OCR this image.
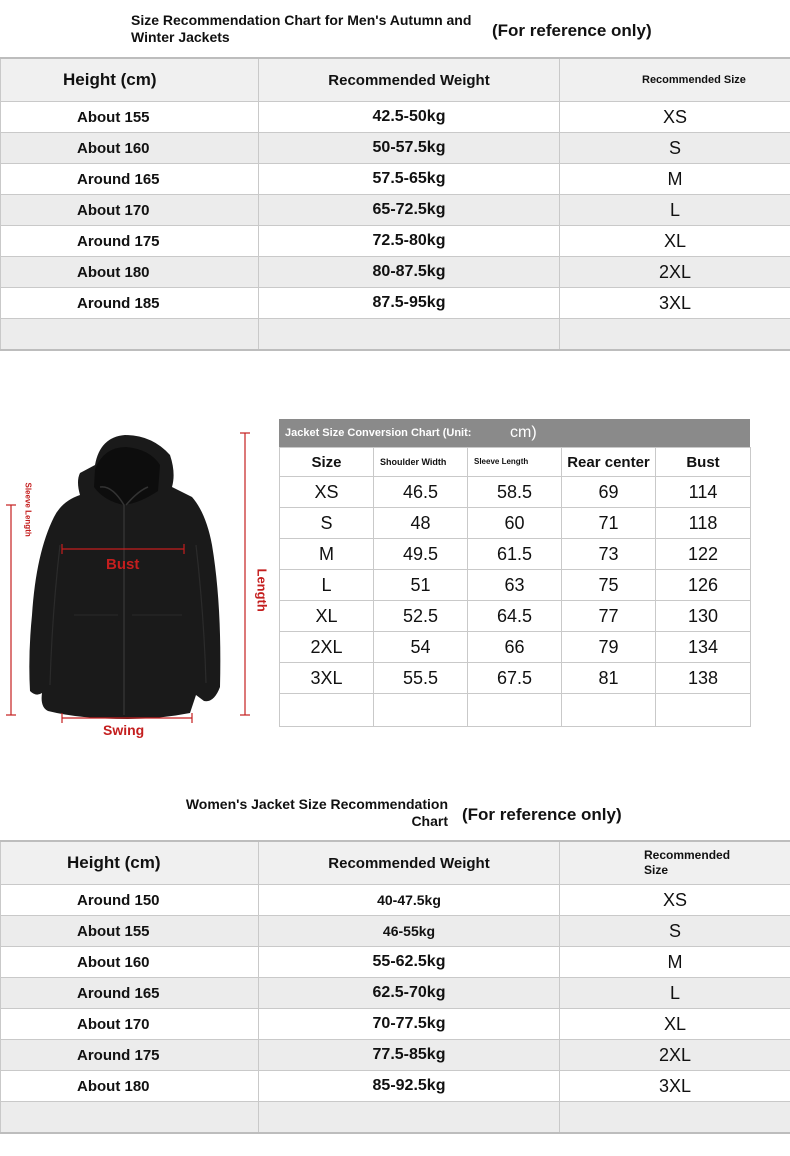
Size Recommendation Chart for Men's Autumn and
Winter Jackets	(For reference only)
Height (cm)	Recommended Weight	Recommended Size
About 155	42.5-50kg	XS
About 160	50-57.5kg	S
Around 165	57.5-65kg	M
About 170	65-72.5kg	L
Around 175	72.5-80kg	XL
About 180	80-87.5kg	2XL
Around 185	87.5-95kg	3XL

Sleeve Length
Bust
Length
Swing
Jacket Size Conversion Chart (Unit: cm)
Size	Shoulder Width	Sleeve Length	Rear center	Bust
XS	46.5	58.5	69	114
S	48	60	71	118
M	49.5	61.5	73	122
L	51	63	75	126
XL	52.5	64.5	77	130
2XL	54	66	79	134
3XL	55.5	67.5	81	138

Women's Jacket Size Recommendation
Chart (For reference only)
Height (cm)	Recommended Weight	Recommended
Size

Around 150	40-47.5kg	XS
About 155	46-55kg	S
About 160	55-62.5kg	M
Around 165	62.5-70kg	L
About 170	70-77.5kg	XL
Around 175	77.5-85kg	2XL
About 180	85-92.5kg	3XL
